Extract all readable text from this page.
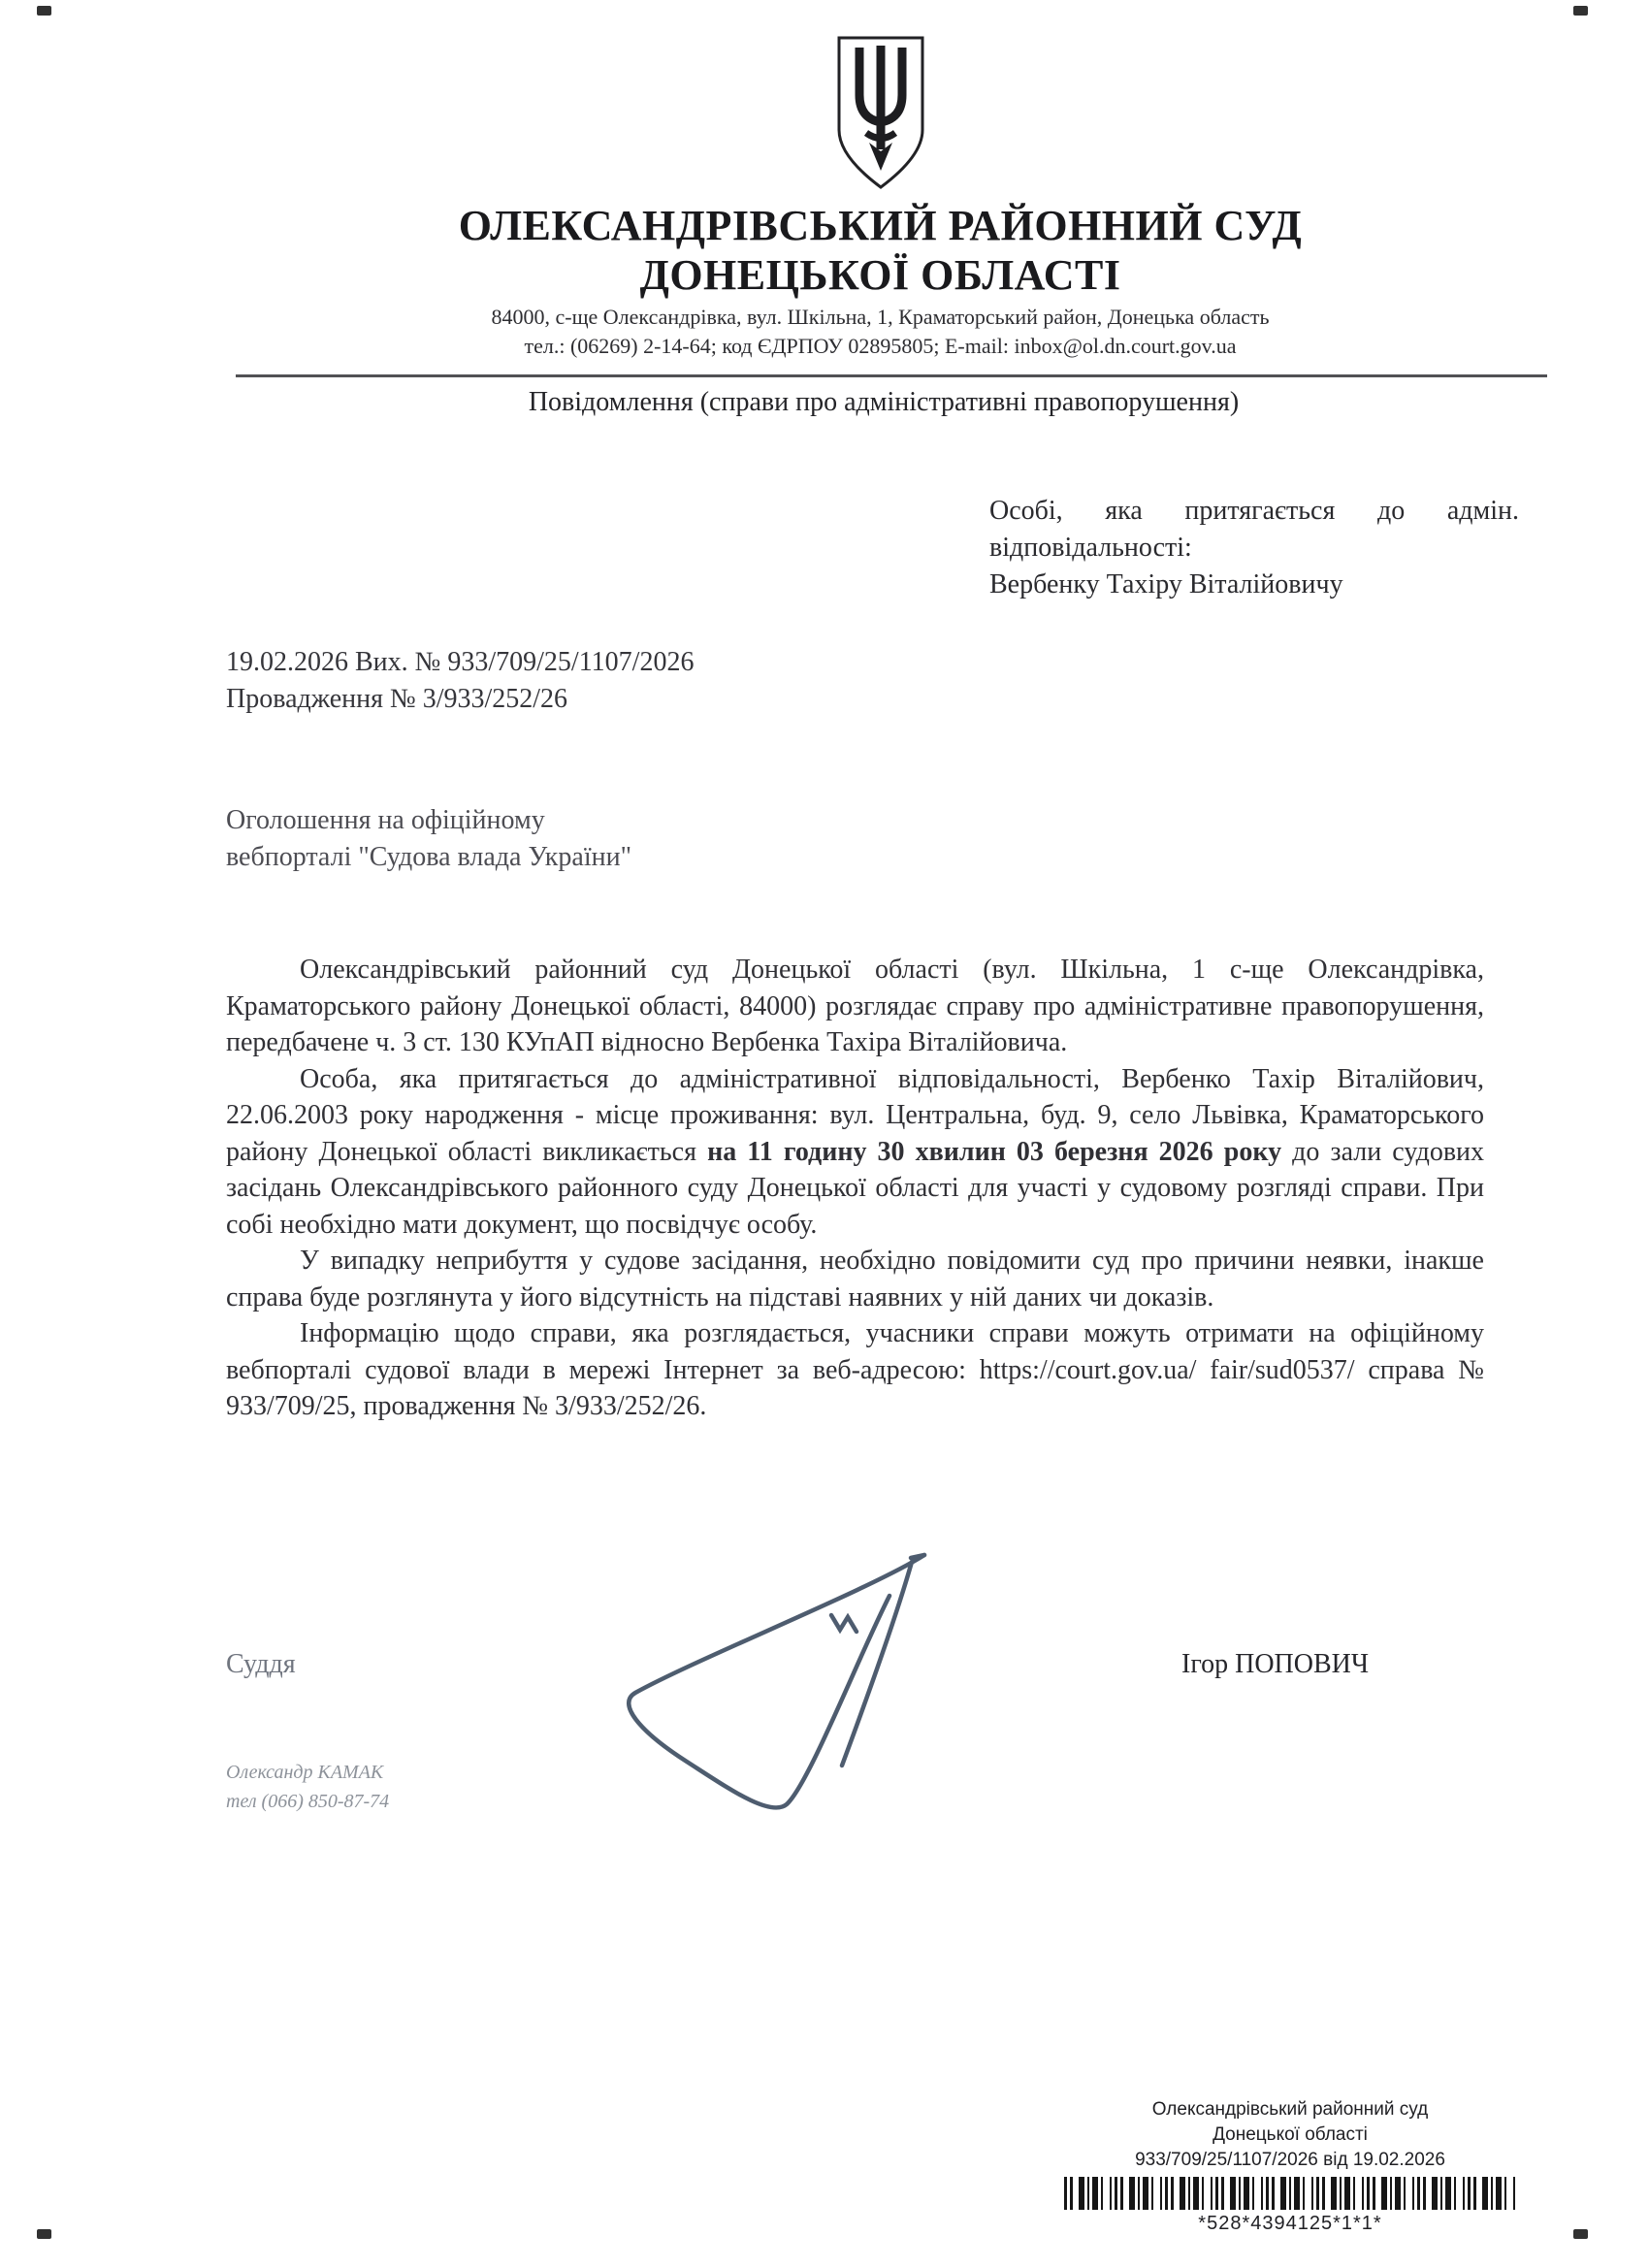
ОЛЕКСАНДРІВСЬКИЙ РАЙОННИЙ СУД
ДОНЕЦЬКОЇ ОБЛАСТІ
84000, с-ще Олександрівка, вул. Шкільна, 1, Краматорський район, Донецька область
тел.: (06269) 2-14-64; код ЄДРПОУ 02895805; E-mail: inbox@ol.dn.court.gov.ua
Повідомлення (справи про адміністративні правопорушення)
Особі, яка притягається до адмін.
відповідальності:
Вербенку Тахіру Віталійовичу
19.02.2026 Вих. № 933/709/25/1107/2026
Провадження № 3/933/252/26
Оголошення на офіційному
вебпорталі "Судова влада України"

Олександрівський районний суд Донецької області (вул. Шкільна, 1 с-ще Олександрівка, Краматорського району Донецької області, 84000) розглядає справу про адміністративне правопорушення, передбачене ч. 3 ст. 130 КУпАП відносно Вербенка Тахіра Віталійовича.

Особа, яка притягається до адміністративної відповідальності, Вербенко Тахір Віталійович, 22.06.2003 року народження - місце проживання: вул. Центральна, буд. 9, село Львівка, Краматорського району Донецької області викликається на 11 годину 30 хвилин 03 березня 2026 року до зали судових засідань Олександрівського районного суду Донецької області для участі у судовому розгляді справи. При собі необхідно мати документ, що посвідчує особу.

У випадку неприбуття у судове засідання, необхідно повідомити суд про причини неявки, інакше справа буде розглянута у його відсутність на підставі наявних у ній даних чи доказів.

Інформацію щодо справи, яка розглядається, учасники справи можуть отримати на офіційному вебпорталі судової влади в мережі Інтернет за веб-адресою: https://court.gov.ua/ fair/sud0537/ справа № 933/709/25, провадження № 3/933/252/26.

Суддя	Ігор ПОПОВИЧ
Олександр КАМАК
тел (066) 850-87-74
Олександрівський районний суд
Донецької області
933/709/25/1107/2026 від 19.02.2026
*528*4394125*1*1*
